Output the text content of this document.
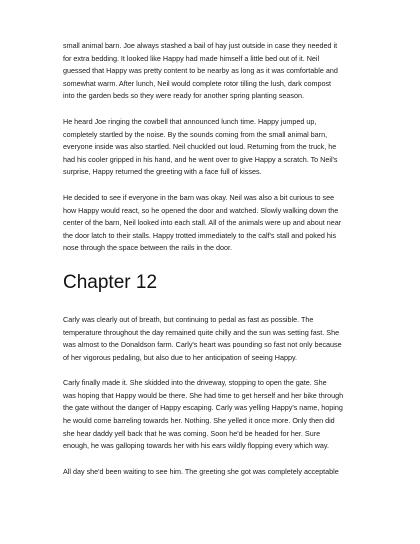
small animal barn. Joe always stashed a bail of hay just outside in case they needed it
for extra bedding. It looked like Happy had made himself a little bed out of it. Neil
guessed that Happy was pretty content to be nearby as long as it was comfortable and
somewhat warm. After lunch, Neil would complete rotor tilling the lush, dark compost
into the garden beds so they were ready for another spring planting season.

He heard Joe ringing the cowbell that announced lunch time. Happy jumped up,
completely startled by the noise. By the sounds coming from the small animal barn,
everyone inside was also startled. Neil chuckled out loud. Returning from the truck, he
had his cooler gripped in his hand, and he went over to give Happy a scratch. To Neil's
surprise, Happy returned the greeting with a face full of kisses.

He decided to see if everyone in the barn was okay. Neil was also a bit curious to see
how Happy would react, so he opened the door and watched. Slowly walking down the
center of the barn, Neil looked into each stall. All of the animals were up and about near
the door latch to their stalls. Happy trotted immediately to the calf's stall and poked his
nose through the space between the rails in the door.

Chapter 12

Carly was clearly out of breath, but continuing to pedal as fast as possible. The
temperature throughout the day remained quite chilly and the sun was setting fast. She
was almost to the Donaldson farm. Carly's heart was pounding so fast not only because
of her vigorous pedaling, but also due to her anticipation of seeing Happy.

Carly finally made it. She skidded into the driveway, stopping to open the gate. She
was hoping that Happy would be there. She had time to get herself and her bike through
the gate without the danger of Happy escaping. Carly was yelling Happy's name, hoping
he would come barreling towards her. Nothing. She yelled it once more. Only then did
she hear daddy yell back that he was coming. Soon he'd be headed for her. Sure
enough, he was galloping towards her with his ears wildly flopping every which way.

All day she'd been waiting to see him. The greeting she got was completely acceptable
